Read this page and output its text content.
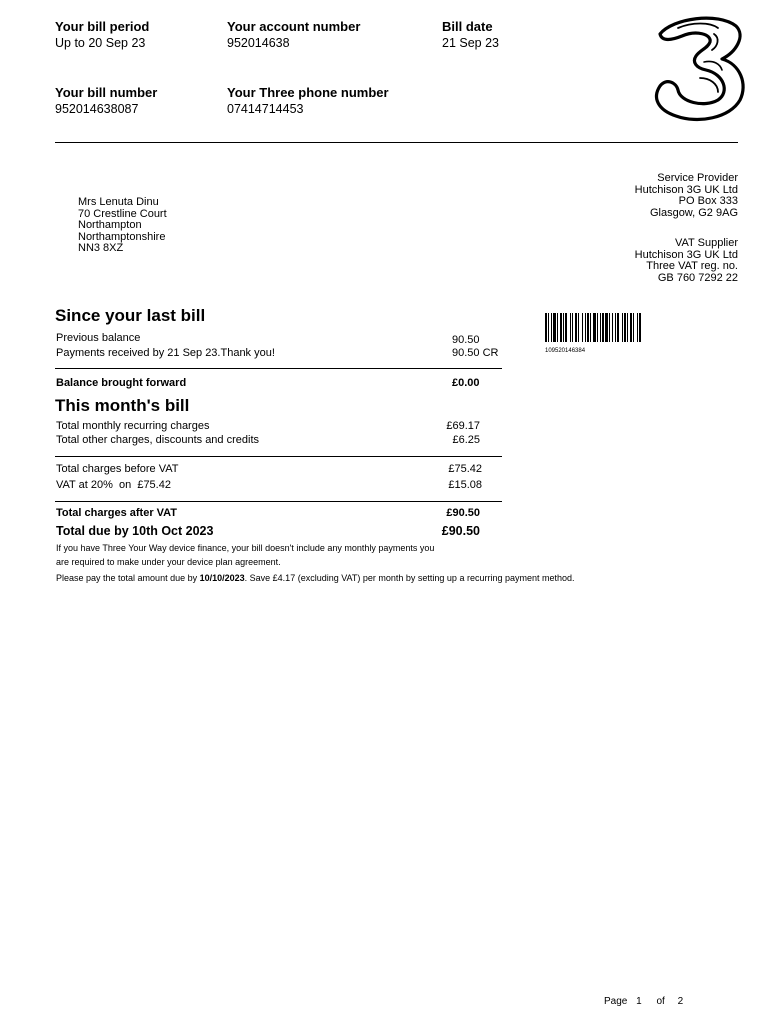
Your bill period
Up to 20 Sep 23
Your account number
952014638
Bill date
21 Sep 23
Your bill number
952014638087
Your Three phone number
07414714453
Mrs Lenuta Dinu
70 Crestline Court
Northampton
Northamptonshire
NN3 8XZ
Service Provider
Hutchison 3G UK Ltd
PO Box 333
Glasgow, G2 9AG
VAT Supplier
Hutchison 3G UK Ltd
Three VAT reg. no.
GB 760 7292 22
109520146384
Since your last bill
Previous balance	90.50
Payments received by 21 Sep 23.Thank you!	90.50 CR
Balance brought forward	£0.00
This month's bill
Total monthly recurring charges	£69.17
Total other charges, discounts and credits	£6.25
Total charges before VAT	£75.42
VAT at 20%  on  £75.42	£15.08
Total charges after VAT	£90.50
Total due by 10th Oct 2023	£90.50
If you have Three Your Way device finance, your bill doesn't include any monthly payments you
are required to make under your device plan agreement.
Please pay the total amount due by 10/10/2023. Save £4.17 (excluding VAT) per month by setting up a recurring payment method.
Page 1 of 2
